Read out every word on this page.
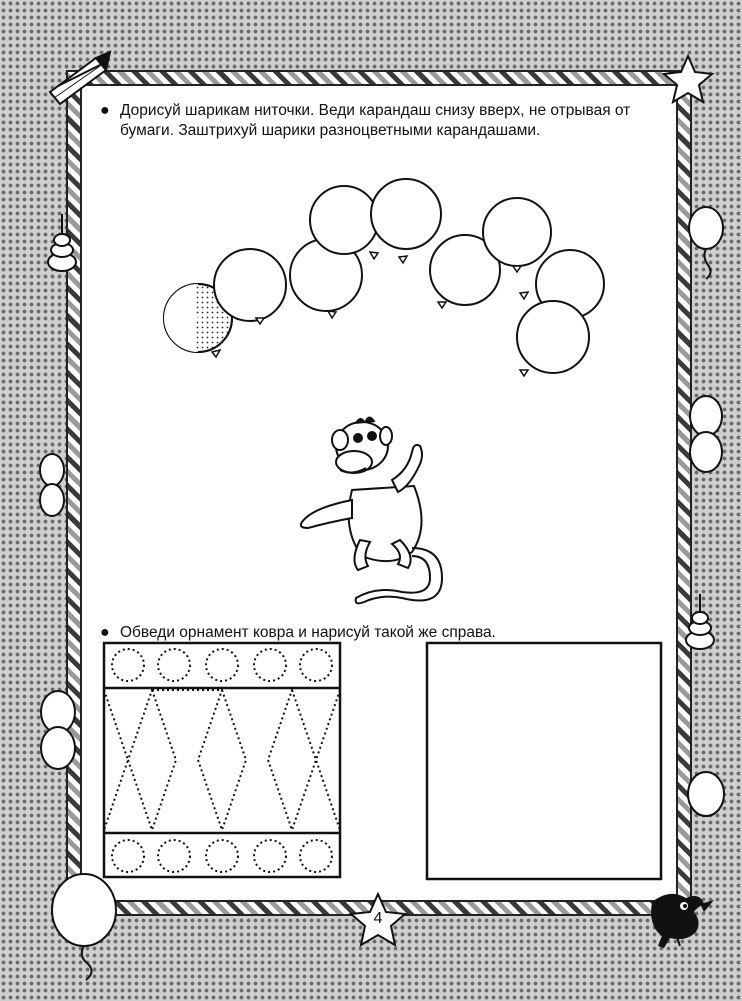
● Дорисуй шарикам ниточки. Веди карандаш снизу вверх, не отрывая от бумаги. Заштрихуй шарики разноцветными карандашами.
● Обведи орнамент ковра и нарисуй такой же справа.
4
